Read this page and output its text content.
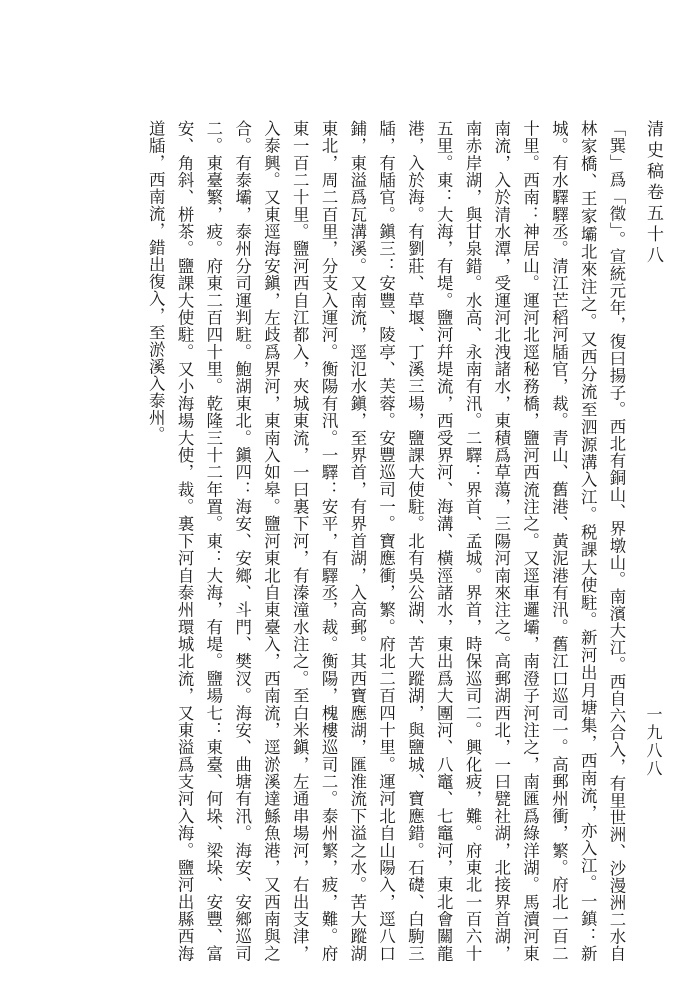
清史稿卷五十八
一九八八

「巽」爲「徵」。宣統元年，復曰揚子。西北有銅山、界墩山。南濱大江。西自六合入，有里世洲、沙漫洲二水自林家橋、王家壩北來注之。又西分流至泗源溝入江。税課大使駐。新河出月塘集，西南流，亦入江。一鎮：新城。有水驛驛丞。清江芒稻河牐官，裁。青山、舊港、黃泥港有汛。舊江口巡司一。高郵州衝，繁。府北一百二十里。西南：神居山。運河北逕秘務橋，鹽河西流注之。又逕車邏壩，南澄子河注之，南匯爲綠洋湖。馬瀆河東南流，入於清水潭，受運河北洩諸水，東積爲草蕩，三陽河南來注之。高郵湖西北，一曰甓社湖，北接界首湖，南赤岸湖，與甘泉錯。水高、永南有汛。二驛：界首、孟城。界首，時保巡司二。興化疲，難。府東北一百六十五里。東：大海，有堤。鹽河幷堤流，西受界河、海溝、橫涇諸水，東出爲大團河、八竈、七竈河，東北會關龍港，入於海。有劉莊、草堰、丁溪三場，鹽課大使駐。北有吳公湖、苦大蹤湖，與鹽城、寶應錯。石礎、白駒三牐，有牐官。鎭三：安豐、陵亭、芙蓉。安豐巡司一。寶應衝，繁。府北二百四十里。運河北自山陽入，逕八口鋪，東溢爲瓦溝溪。又南流，逕氾水鎭，至界首，有界首湖，入高郵。其西寶應湖，匯淮流下溢之水。苦大蹤湖東北，周二百里，分支入運河。衡陽有汛。一驛：安平，有驛丞，裁。衡陽，槐樓巡司二。泰州繁，疲，難。府東一百二十里。鹽河西自江都入，夾城東流，一曰裏下河，有溱潼水注之。至白米鎭，左通串場河，右出支津，入泰興。又東逕海安鎭，左歧爲界河，東南入如皋。鹽河東北自東臺入，西南流，逕淤溪達鯀魚港，又西南與之合。有泰壩，泰州分司運判駐。鮑湖東北。鎭四：海安、安鄉、斗門、樊汊。海安、曲塘有汛。海安、安鄉巡司二。東臺繁，疲。府東二百四十里。乾隆三十二年置。東：大海，有堤。鹽場七：東臺、何垛、梁垛、安豐、富安、角斜、栟茶。鹽課大使駐。又小海場大使，裁。裏下河自泰州環城北流，又東溢爲支河入海。鹽河出縣西海道牐，西南流，錯出復入，至淤溪入泰州。
